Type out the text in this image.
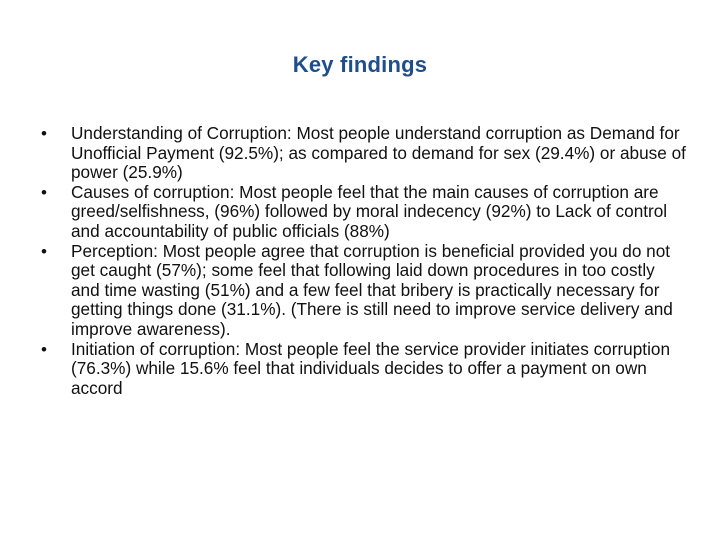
Key findings
• Understanding of Corruption: Most people understand corruption as Demand for Unofficial Payment (92.5%); as compared to demand for sex (29.4%) or abuse of power (25.9%)
• Causes of corruption: Most people feel that the main causes of corruption are greed/selfishness, (96%) followed by moral indecency (92%) to Lack of control and accountability of public officials (88%)
• Perception: Most people agree that corruption is beneficial provided you do not get caught (57%); some feel that following laid down procedures in too costly and time wasting (51%) and a few feel that bribery is practically necessary for getting things done (31.1%). (There is still need to improve service delivery and improve awareness).
• Initiation of corruption: Most people feel the service provider initiates corruption (76.3%) while 15.6% feel that individuals decides to offer a payment on own accord
